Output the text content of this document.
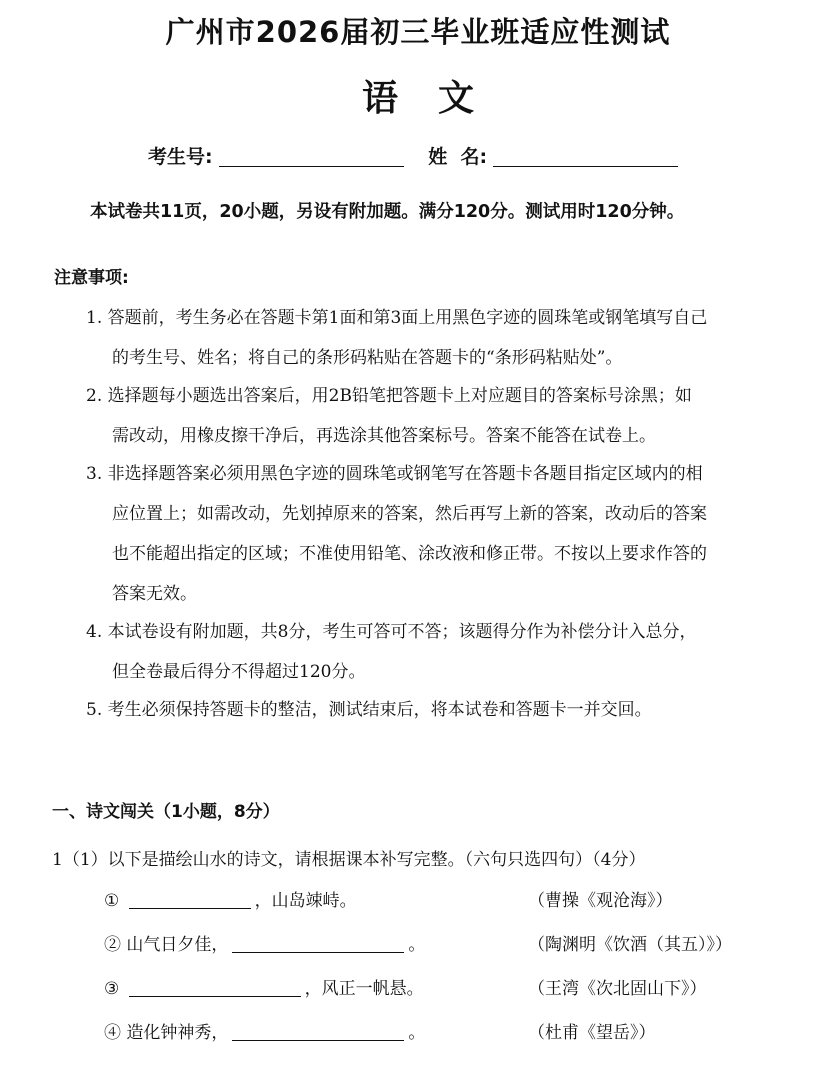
广州市2026届初三毕业班适应性测试
语文
考生号:	姓  名:
本试卷共11页，20小题，另设有附加题。满分120分。测试用时120分钟。
注意事项:
1. 答题前，考生务必在答题卡第1面和第3面上用黑色字迹的圆珠笔或钢笔填写自己
的考生号、姓名；将自己的条形码粘贴在答题卡的“条形码粘贴处”。
2. 选择题每小题选出答案后，用2B铅笔把答题卡上对应题目的答案标号涂黑；如
需改动，用橡皮擦干净后，再选涂其他答案标号。答案不能答在试卷上。
3. 非选择题答案必须用黑色字迹的圆珠笔或钢笔写在答题卡各题目指定区域内的相
应位置上；如需改动，先划掉原来的答案，然后再写上新的答案，改动后的答案
也不能超出指定的区域；不准使用铅笔、涂改液和修正带。不按以上要求作答的
答案无效。
4. 本试卷设有附加题，共8分，考生可答可不答；该题得分作为补偿分计入总分，
但全卷最后得分不得超过120分。
5. 考生必须保持答题卡的整洁，测试结束后，将本试卷和答题卡一并交回。
一、诗文闯关（1小题，8分）
1（1）以下是描绘山水的诗文，请根据课本补写完整。（六句只选四句）（4分）
①	，山岛竦峙。	（曹操《观沧海》）
② 山气日夕佳，	。	（陶渊明《饮酒（其五）》）
③	，风正一帆悬。	（王湾《次北固山下》）
④ 造化钟神秀，	。	（杜甫《望岳》）
